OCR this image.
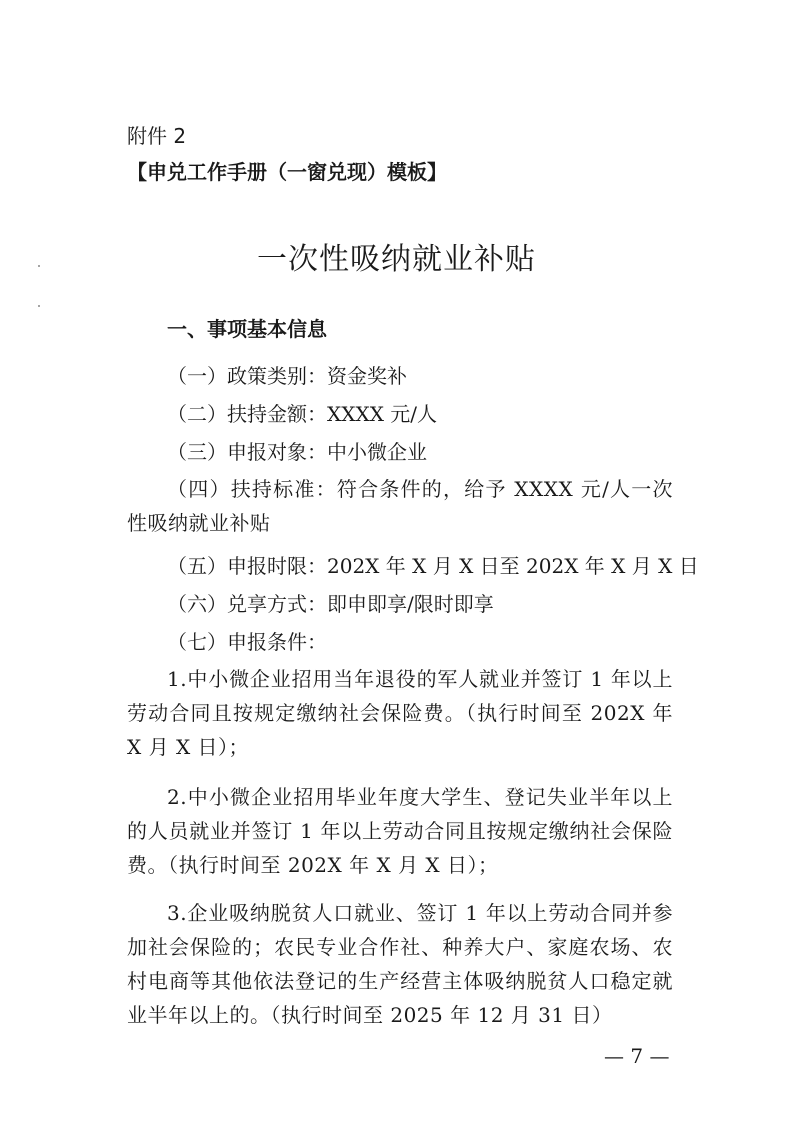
附件 2
【申兑工作手册（一窗兑现）模板】
一次性吸纳就业补贴
一、事项基本信息
（一）政策类别：资金奖补
（二）扶持金额：XXXX 元/人
（三）申报对象：中小微企业
（四）扶持标准：符合条件的，给予 XXXX 元/人一次性吸纳就业补贴
（五）申报时限：202X 年 X 月 X 日至 202X 年 X 月 X 日
（六）兑享方式：即申即享/限时即享
（七）申报条件：
1.中小微企业招用当年退役的军人就业并签订 1 年以上劳动合同且按规定缴纳社会保险费。（执行时间至 202X 年 X 月 X 日）；
2.中小微企业招用毕业年度大学生、登记失业半年以上的人员就业并签订 1 年以上劳动合同且按规定缴纳社会保险费。（执行时间至 202X 年 X 月 X 日）；
3.企业吸纳脱贫人口就业、签订 1 年以上劳动合同并参加社会保险的；农民专业合作社、种养大户、家庭农场、农村电商等其他依法登记的生产经营主体吸纳脱贫人口稳定就业半年以上的。（执行时间至 2025 年 12 月 31 日）
— 7 —
